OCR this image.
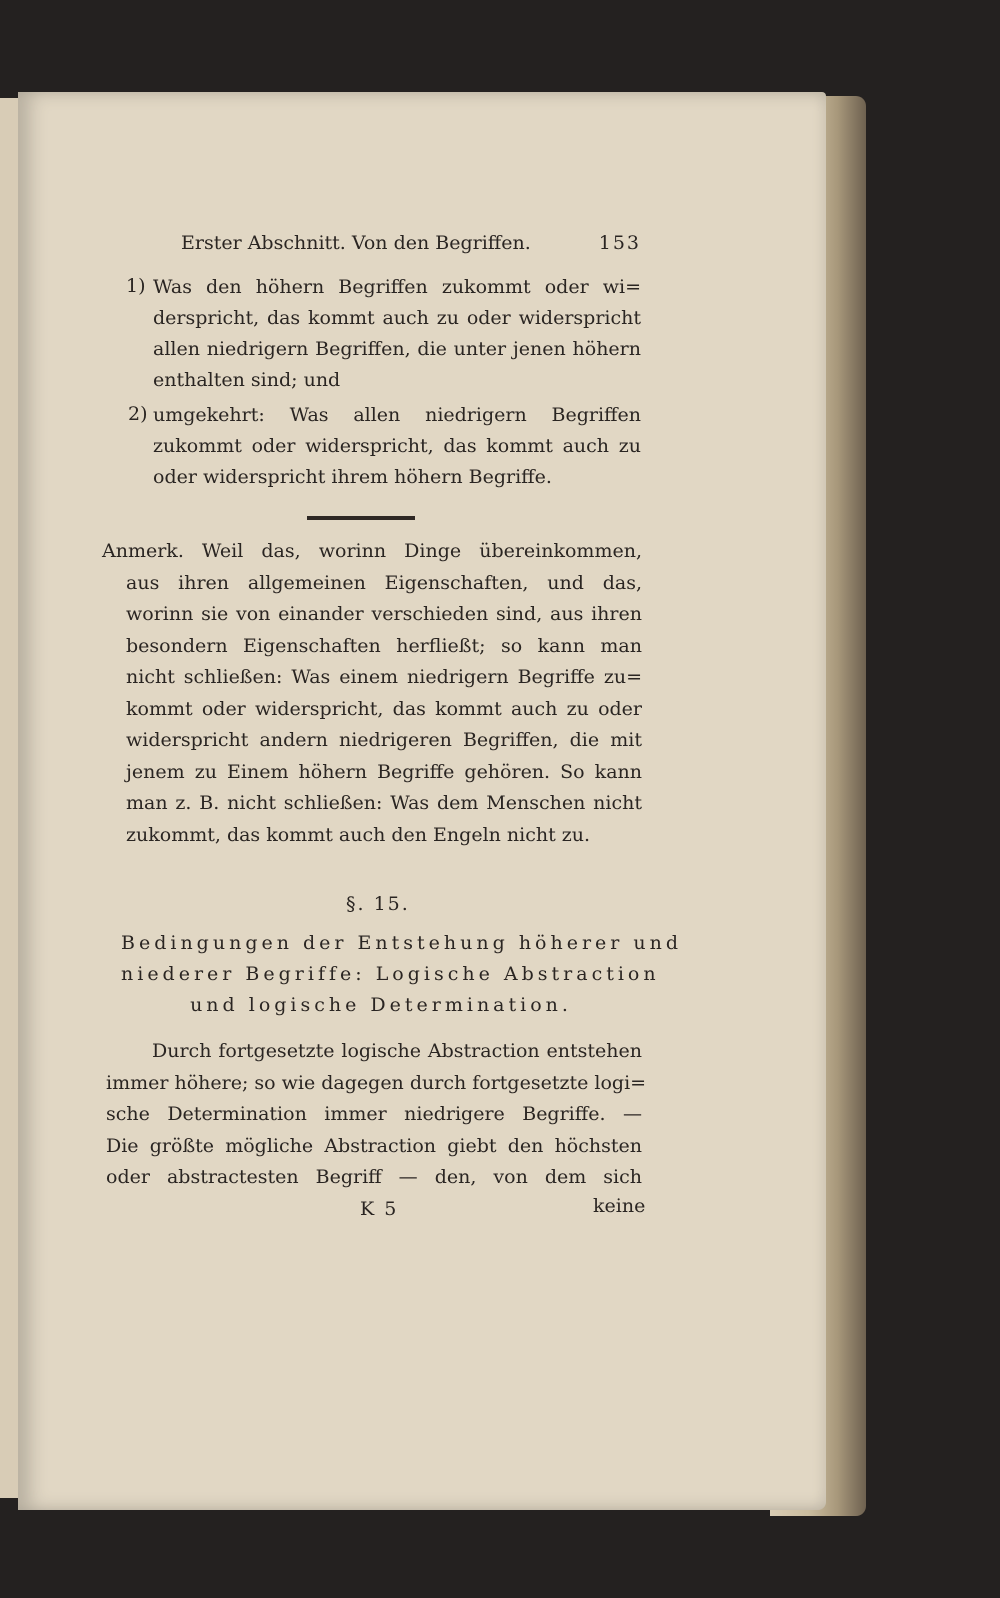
Erster Abschnitt. Von den Begriffen.	153
1) Was den höhern Begriffen zukommt oder wi=
derspricht, das kommt auch zu oder widerspricht
allen niedrigern Begriffen, die unter jenen höhern
enthalten sind; und
2) umgekehrt: Was allen niedrigern Begriffen
zukommt oder widerspricht, das kommt auch zu
oder widerspricht ihrem höhern Begriffe.
Anmerk. Weil das, worinn Dinge übereinkommen,
aus ihren allgemeinen Eigenschaften, und das,
worinn sie von einander verschieden sind, aus ihren
besondern Eigenschaften herfließt; so kann man
nicht schließen: Was einem niedrigern Begriffe zu=
kommt oder widerspricht, das kommt auch zu oder
widerspricht andern niedrigeren Begriffen, die mit
jenem zu Einem höhern Begriffe gehören. So kann
man z. B. nicht schließen: Was dem Menschen nicht
zukommt, das kommt auch den Engeln nicht zu.
§. 15.
Bedingungen der Entstehung höherer und
niederer Begriffe: Logische Abstraction
und logische Determination.
Durch fortgesetzte logische Abstraction entstehen
immer höhere; so wie dagegen durch fortgesetzte logi=
sche Determination immer niedrigere Begriffe. —
Die größte mögliche Abstraction giebt den höchsten
oder abstractesten Begriff — den, von dem sich
K 5	keine
